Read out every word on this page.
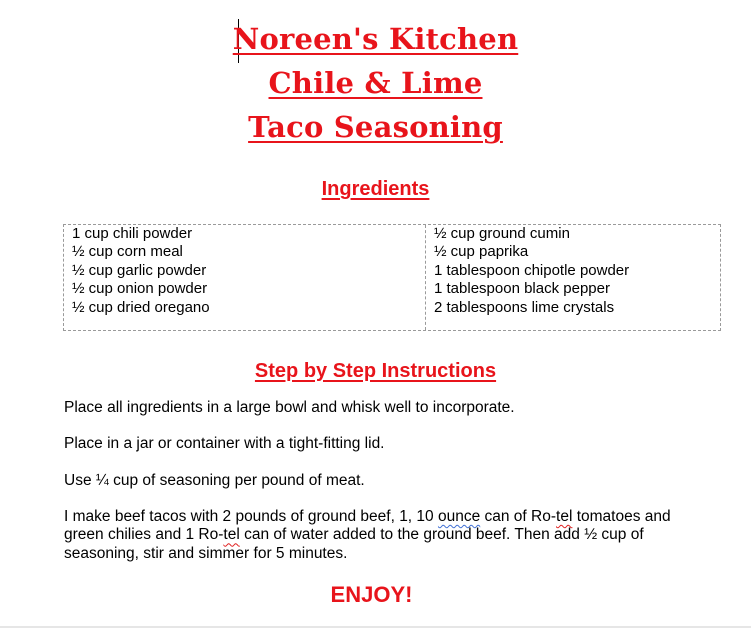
Noreen's Kitchen
Chile & Lime
Taco Seasoning
Ingredients
1 cup chili powder
½ cup corn meal
½ cup garlic powder
½ cup onion powder
½ cup dried oregano
½ cup ground cumin
½ cup paprika
1 tablespoon chipotle powder
1 tablespoon black pepper
2 tablespoons lime crystals
Step by Step Instructions
Place all ingredients in a large bowl and whisk well to incorporate.
Place in a jar or container with a tight-fitting lid.
Use ¼ cup of seasoning per pound of meat.
I make beef tacos with 2 pounds of ground beef, 1, 10 ounce can of Ro-tel tomatoes and green chilies and 1 Ro-tel can of water added to the ground beef. Then add ½ cup of seasoning, stir and simmer for 5 minutes.
ENJOY!
